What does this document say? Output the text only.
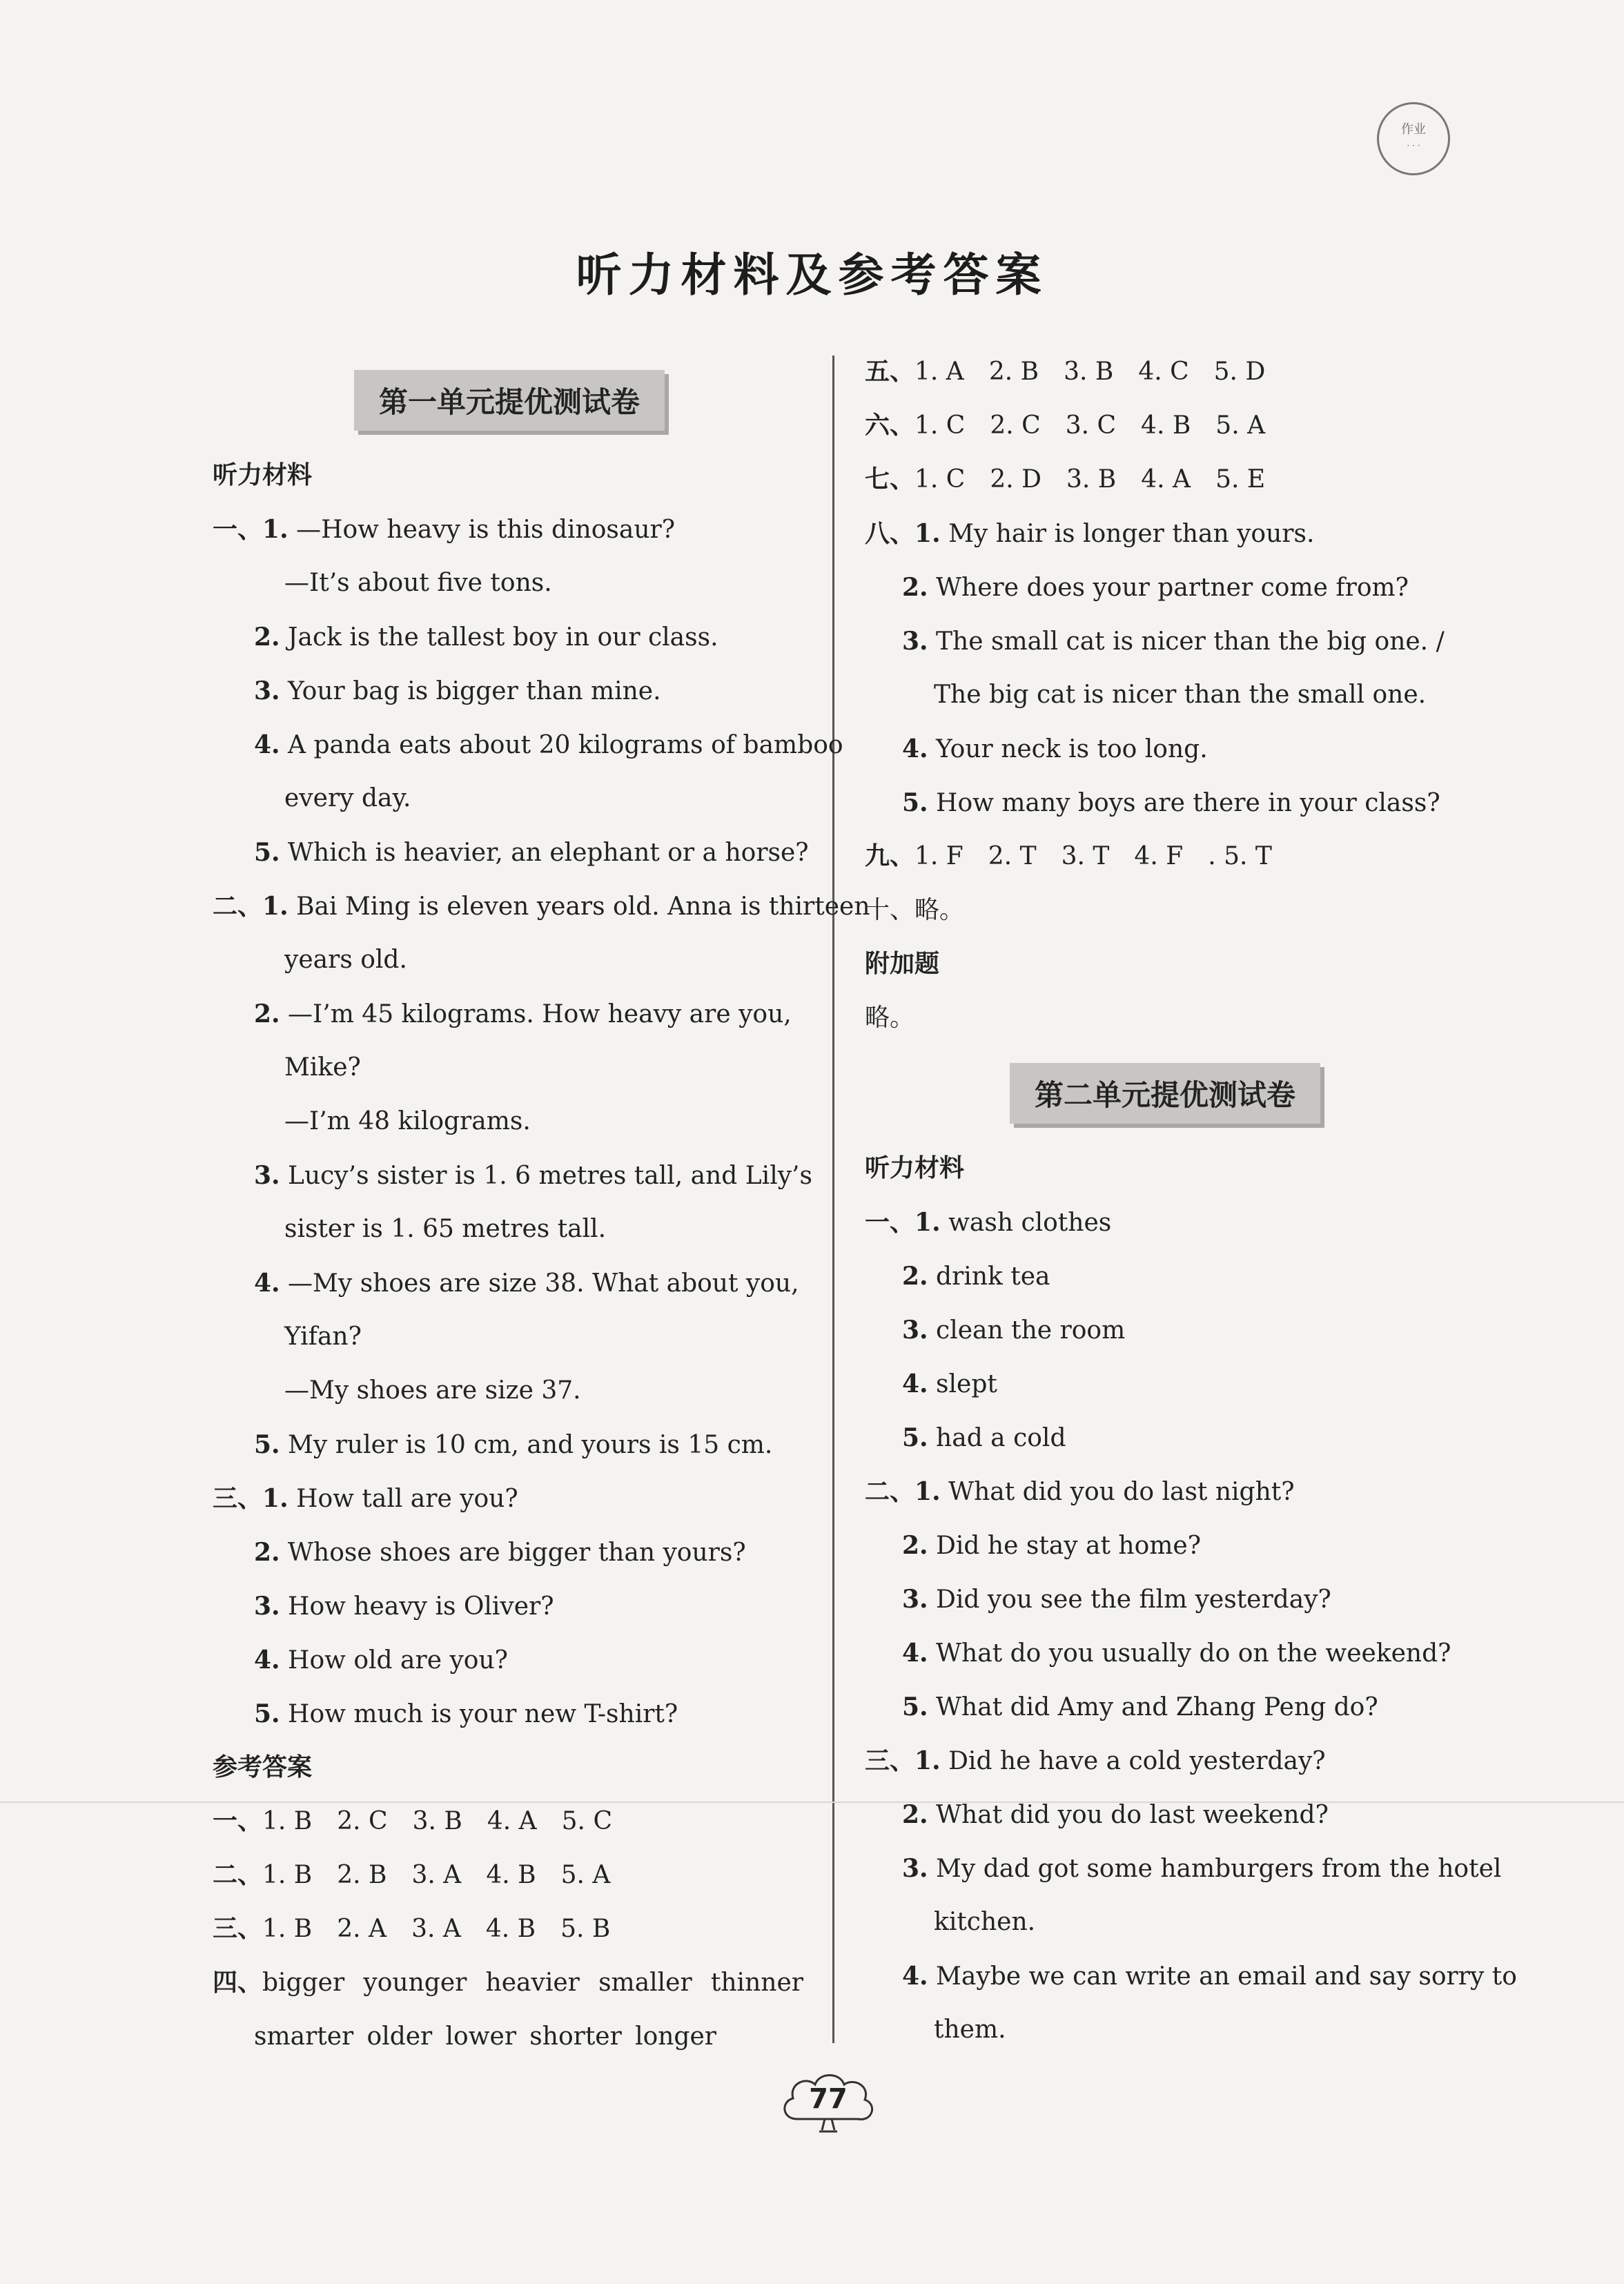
作业
· · ·
听力材料及参考答案
第一单元提优测试卷
听力材料
一、1. —How heavy is this dinosaur?
—It’s about five tons.
2. Jack is the tallest boy in our class.
3. Your bag is bigger than mine.
4. A panda eats about 20 kilograms of bamboo
every day.
5. Which is heavier, an elephant or a horse?
二、1. Bai Ming is eleven years old. Anna is thirteen
years old.
2. —I’m 45 kilograms. How heavy are you,
Mike?
—I’m 48 kilograms.
3. Lucy’s sister is 1. 6 metres tall, and Lily’s
sister is 1. 65 metres tall.
4. —My shoes are size 38. What about you,
Yifan?
—My shoes are size 37.
5. My ruler is 10 cm, and yours is 15 cm.
三、1. How tall are you?
2. Whose shoes are bigger than yours?
3. How heavy is Oliver?
4. How old are you?
5. How much is your new T-shirt?
参考答案
一、1. B 2. C 3. B 4. A 5. C
二、1. B 2. B 3. A 4. B 5. A
三、1. B 2. A 3. A 4. B 5. B
四、bigger younger heavier smaller thinner
smarter older lower shorter longer
五、1. A 2. B 3. B 4. C 5. D
六、1. C 2. C 3. C 4. B 5. A
七、1. C 2. D 3. B 4. A 5. E
八、1. My hair is longer than yours.
2. Where does your partner come from?
3. The small cat is nicer than the big one. /
The big cat is nicer than the small one.
4. Your neck is too long.
5. How many boys are there in your class?
九、1. F 2. T 3. T 4. F . 5. T
十、略。
附加题
略。
第二单元提优测试卷
听力材料
一、1. wash clothes
2. drink tea
3. clean the room
4. slept
5. had a cold
二、1. What did you do last night?
2. Did he stay at home?
3. Did you see the film yesterday?
4. What do you usually do on the weekend?
5. What did Amy and Zhang Peng do?
三、1. Did he have a cold yesterday?
2. What did you do last weekend?
3. My dad got some hamburgers from the hotel
kitchen.
4. Maybe we can write an email and say sorry to
them.
77
